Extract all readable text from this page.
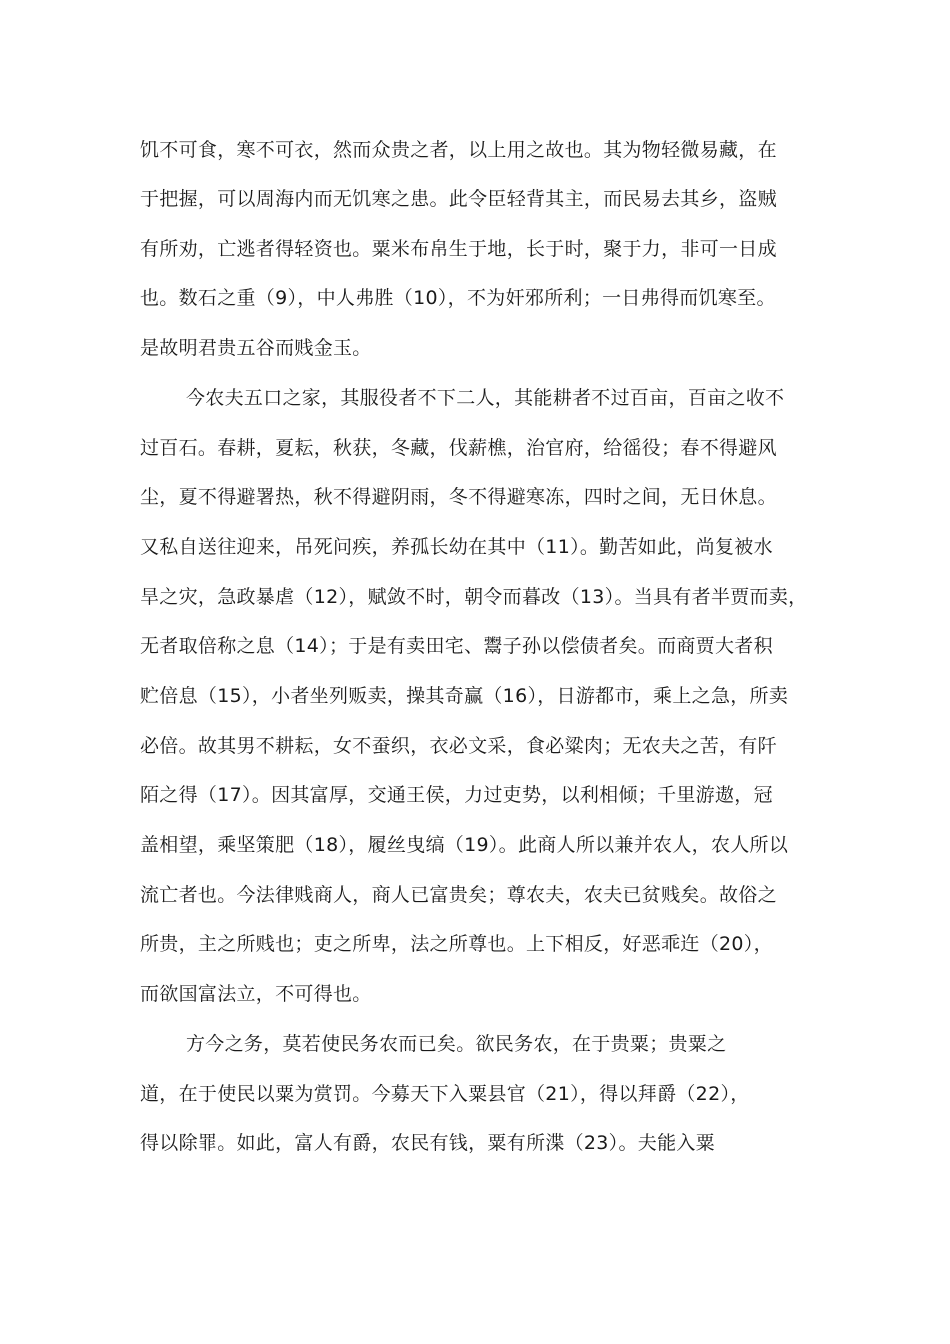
饥不可食，寒不可衣，然而众贵之者，以上用之故也。其为物轻微易藏，在
于把握，可以周海内而无饥寒之患。此令臣轻背其主，而民易去其乡，盗贼
有所劝，亡逃者得轻资也。粟米布帛生于地，长于时，聚于力，非可一日成
也。数石之重（9），中人弗胜（10），不为奸邪所利；一日弗得而饥寒至。
是故明君贵五谷而贱金玉。
今农夫五口之家，其服役者不下二人，其能耕者不过百亩，百亩之收不
过百石。春耕，夏耘，秋获，冬藏，伐薪樵，治官府，给徭役；春不得避风
尘，夏不得避署热，秋不得避阴雨，冬不得避寒冻，四时之间，无日休息。
又私自送往迎来，吊死问疾，养孤长幼在其中（11）。勤苦如此，尚复被水
旱之灾，急政暴虐（12），赋敛不时，朝令而暮改（13）。当具有者半贾而卖，
无者取倍称之息（14）；于是有卖田宅、鬻子孙以偿债者矣。而商贾大者积
贮倍息（15），小者坐列贩卖，操其奇赢（16），日游都市，乘上之急，所卖
必倍。故其男不耕耘，女不蚕织，衣必文采，食必粱肉；无农夫之苦，有阡
陌之得（17）。因其富厚，交通王侯，力过吏势，以利相倾；千里游遨，冠
盖相望，乘坚策肥（18），履丝曳缟（19）。此商人所以兼并农人，农人所以
流亡者也。今法律贱商人，商人已富贵矣；尊农夫，农夫已贫贱矣。故俗之
所贵，主之所贱也；吏之所卑，法之所尊也。上下相反，好恶乖迕（20），
而欲国富法立，不可得也。
方今之务，莫若使民务农而已矣。欲民务农，在于贵粟；贵粟之
道，在于使民以粟为赏罚。今募天下入粟县官（21），得以拜爵（22），
得以除罪。如此，富人有爵，农民有钱，粟有所渫（23）。夫能入粟
